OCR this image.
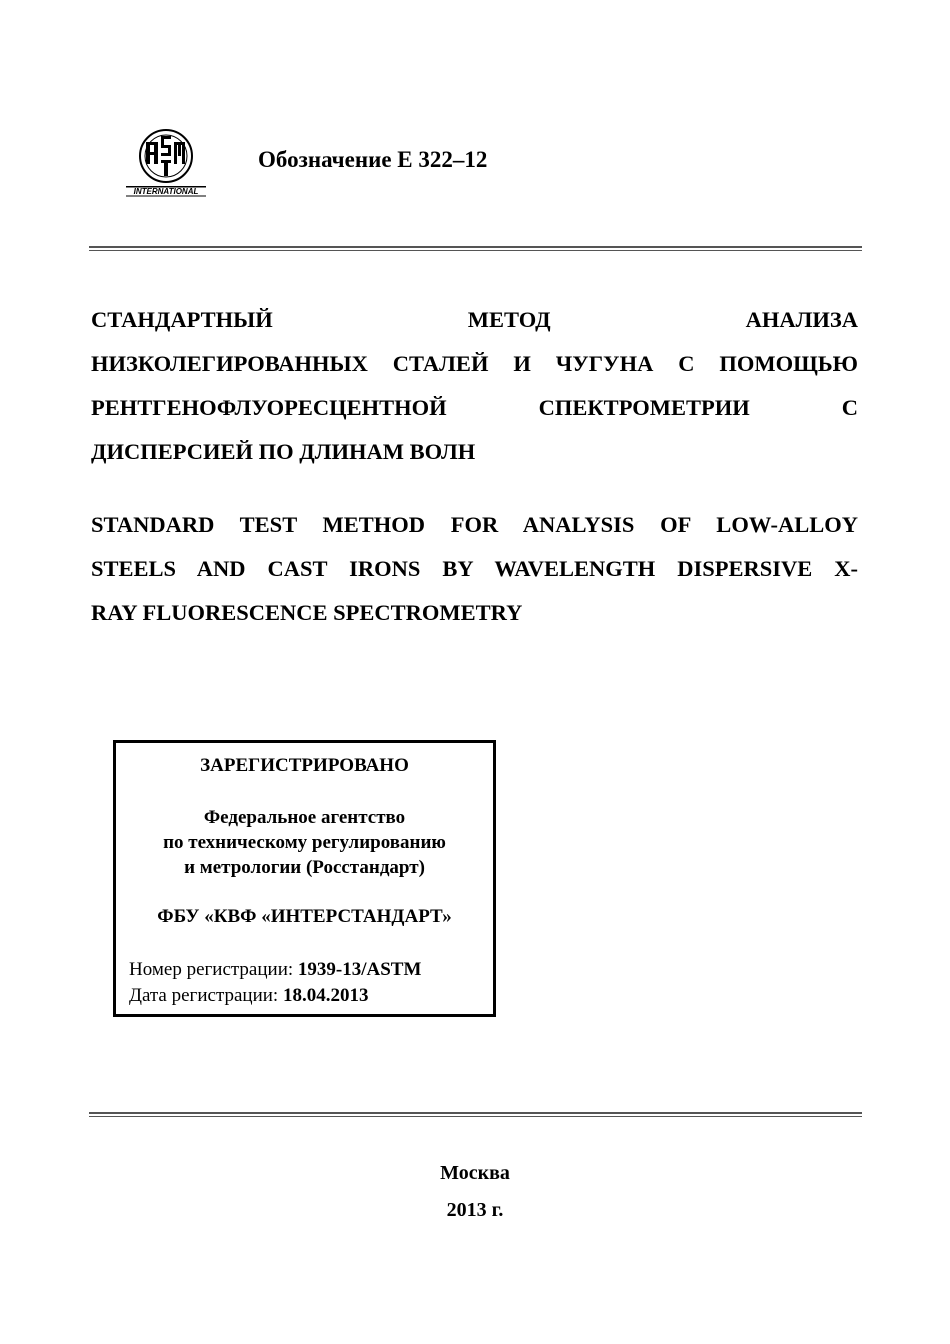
INTERNATIONAL
Обозначение E 322–12
СТАНДАРТНЫЙ МЕТОД АНАЛИЗА
НИЗКОЛЕГИРОВАННЫХ СТАЛЕЙ И ЧУГУНА С ПОМОЩЬЮ
РЕНТГЕНОФЛУОРЕСЦЕНТНОЙ СПЕКТРОМЕТРИИ С
ДИСПЕРСИЕЙ ПО ДЛИНАМ ВОЛН
STANDARD TEST METHOD FOR ANALYSIS OF LOW-ALLOY
STEELS AND CAST IRONS BY WAVELENGTH DISPERSIVE X-
RAY FLUORESCENCE SPECTROMETRY
ЗАРЕГИСТРИРОВАНО
Федеральное агентство
по техническому регулированию
и метрологии (Росстандарт)
ФБУ «КВФ «ИНТЕРСТАНДАРТ»
Номер регистрации: 1939-13/ASTM
Дата регистрации: 18.04.2013
Москва
2013 г.
